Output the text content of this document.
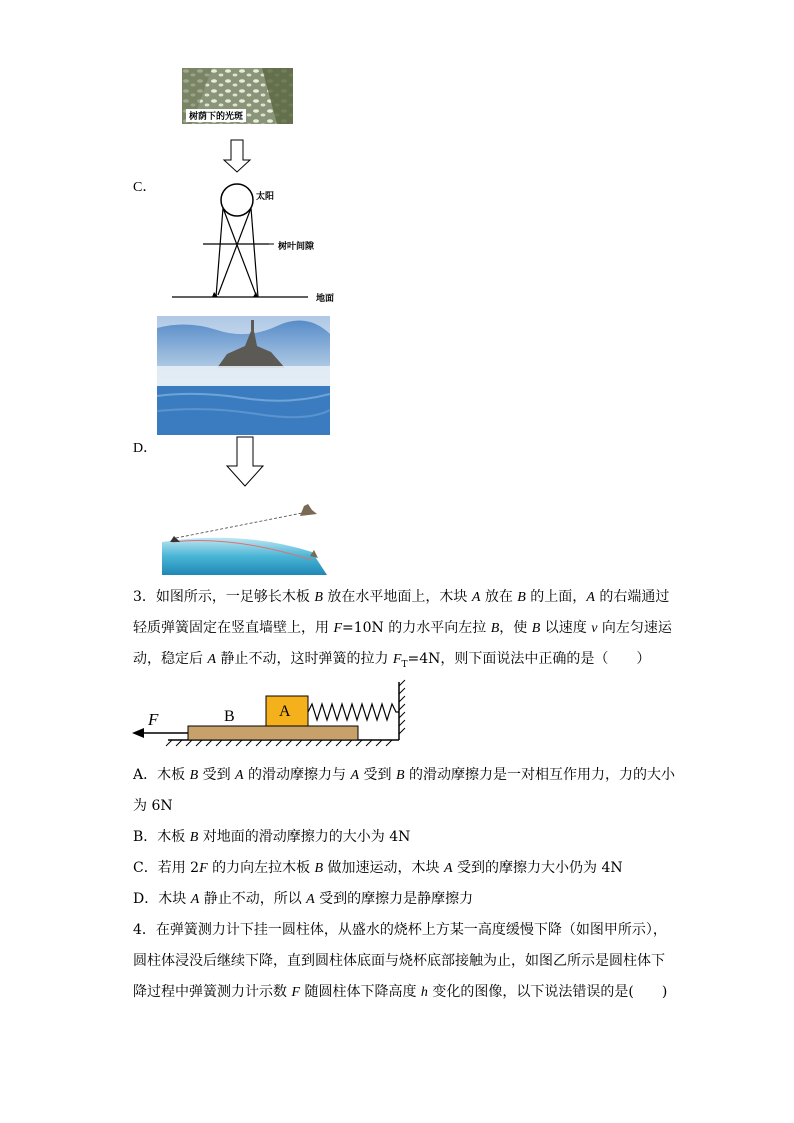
树荫下的光斑
C．
太阳
树叶间隙
地面
D．
3．如图所示，一足够长木板 B 放在水平地面上，木块 A 放在 B 的上面，A 的右端通过
轻质弹簧固定在竖直墙壁上，用 F=10N 的力水平向左拉 B，使 B 以速度 v 向左匀速运
动，稳定后 A 静止不动，这时弹簧的拉力 $F_T=4N$，则下面说法中正确的是（　　）
F	B	A
A．木板 B 受到 A 的滑动摩擦力与 A 受到 B 的滑动摩擦力是一对相互作用力，力的大小
为 6N
B．木板 B 对地面的滑动摩擦力的大小为 4N
C．若用 2F 的力向左拉木板 B 做加速运动，木块 A 受到的摩擦力大小仍为 4N
D．木块 A 静止不动，所以 A 受到的摩擦力是静摩擦力
4．在弹簧测力计下挂一圆柱体，从盛水的烧杯上方某一高度缓慢下降（如图甲所示），
圆柱体浸没后继续下降，直到圆柱体底面与烧杯底部接触为止，如图乙所示是圆柱体下
降过程中弹簧测力计示数 F 随圆柱体下降高度 h 变化的图像，以下说法错误的是(　　)
